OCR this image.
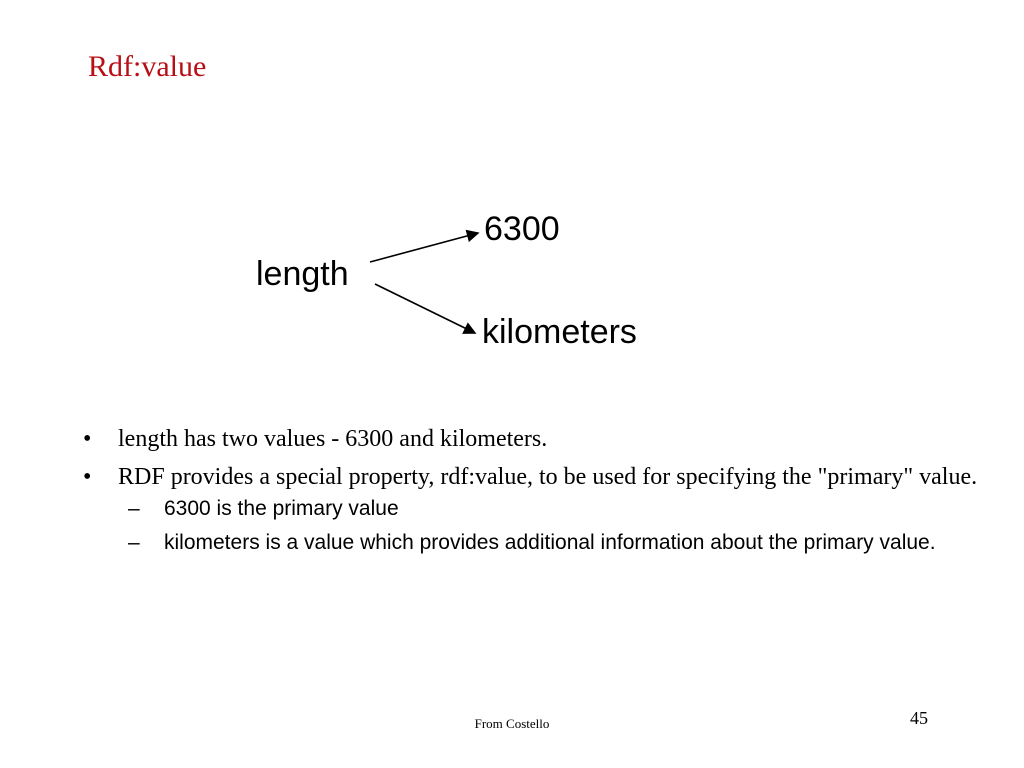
Rdf:value
length
6300
kilometers
• length has two values - 6300 and kilometers.
• RDF provides a special property, rdf:value, to be used for specifying the "primary" value.
– 6300 is the primary value
– kilometers is a value which provides additional information about the primary value.
From Costello	45
